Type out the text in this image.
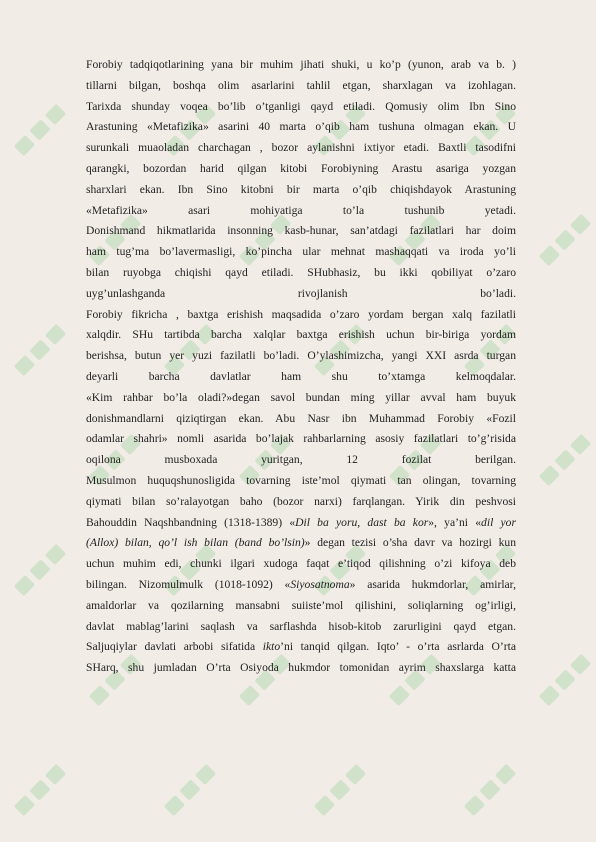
Forobiy tadqiqotlarining yana bir muhim jihati shuki, u ko’p (yunon, arab va b. )

tillarni bilgan, boshqa olim asarlarini tahlil etgan, sharxlagan va izohlagan.

Tarixda shunday voqea bo’lib o’tganligi qayd etiladi. Qomusiy olim Ibn Sino

Arastuning «Metafizika» asarini 40 marta o’qib ham tushuna olmagan ekan. U

surunkali muaoladan charchagan , bozor aylanishni ixtiyor etadi. Baxtli tasodifni

qarangki, bozordan harid qilgan kitobi Forobiyning Arastu asariga yozgan

sharxlari ekan. Ibn Sino kitobni bir marta o’qib chiqishdayok Arastuning

«Metafizika» asari mohiyatiga to’la tushunib yetadi.

Donishmand hikmatlarida insonning kasb-hunar, san’atdagi fazilatlari har doim

ham tug’ma bo’lavermasligi, ko’pincha ular mehnat mashaqqati va iroda yo’li

bilan ruyobga chiqishi qayd etiladi. SHubhasiz, bu ikki qobiliyat o’zaro

uyg’unlashganda rivojlanish bo’ladi.

Forobiy fikricha , baxtga erishish maqsadida o’zaro yordam bergan xalq fazilatli

xalqdir. SHu tartibda barcha xalqlar baxtga erishish uchun bir-biriga yordam

berishsa, butun yer yuzi fazilatli bo’ladi. O’ylashimizcha, yangi XXI asrda turgan

deyarli barcha davlatlar ham shu to’xtamga kelmoqdalar.

«Kim rahbar bo’la oladi?»degan savol bundan ming yillar avval ham buyuk

donishmandlarni qiziqtirgan ekan. Abu Nasr ibn Muhammad Forobiy «Fozil

odamlar shahri» nomli asarida bo’lajak rahbarlarning asosiy fazilatlari to’g’risida

oqilona musboxada yuritgan, 12 fozilat berilgan.

Musulmon huquqshunosligida tovarning iste’mol qiymati tan olingan, tovarning

qiymati bilan so’ralayotgan baho (bozor narxi) farqlangan. Yirik din peshvosi

Bahouddin Naqshbandning (1318-1389) «Dil ba yoru, dast ba kor», ya’ni «dil yor

(Alloх) bilan, qo’l ish bilan (band bo’lsin)» degan tezisi o’sha davr va hozirgi kun

uchun muhim edi, chunki ilgari xudoga faqat e’tiqod qilishning o’zi kifoya deb

bilingan. Nizomulmulk (1018-1092) «Siyosatnoma» asarida hukmdorlar, amirlar,

amaldorlar va qozilarning mansabni suiiste’mol qilishini, soliqlarning og’irligi,

davlat mablag’larini saqlash va sarflashda hisob-kitob zarurligini qayd etgan.

Saljuqiylar davlati arbobi sifatida ikto’ni tanqid qilgan. Iqto’ - o’rta asrlarda O’rta

SHarq, shu jumladan O’rta Osiyoda hukmdor tomonidan ayrim shaxslarga katta
